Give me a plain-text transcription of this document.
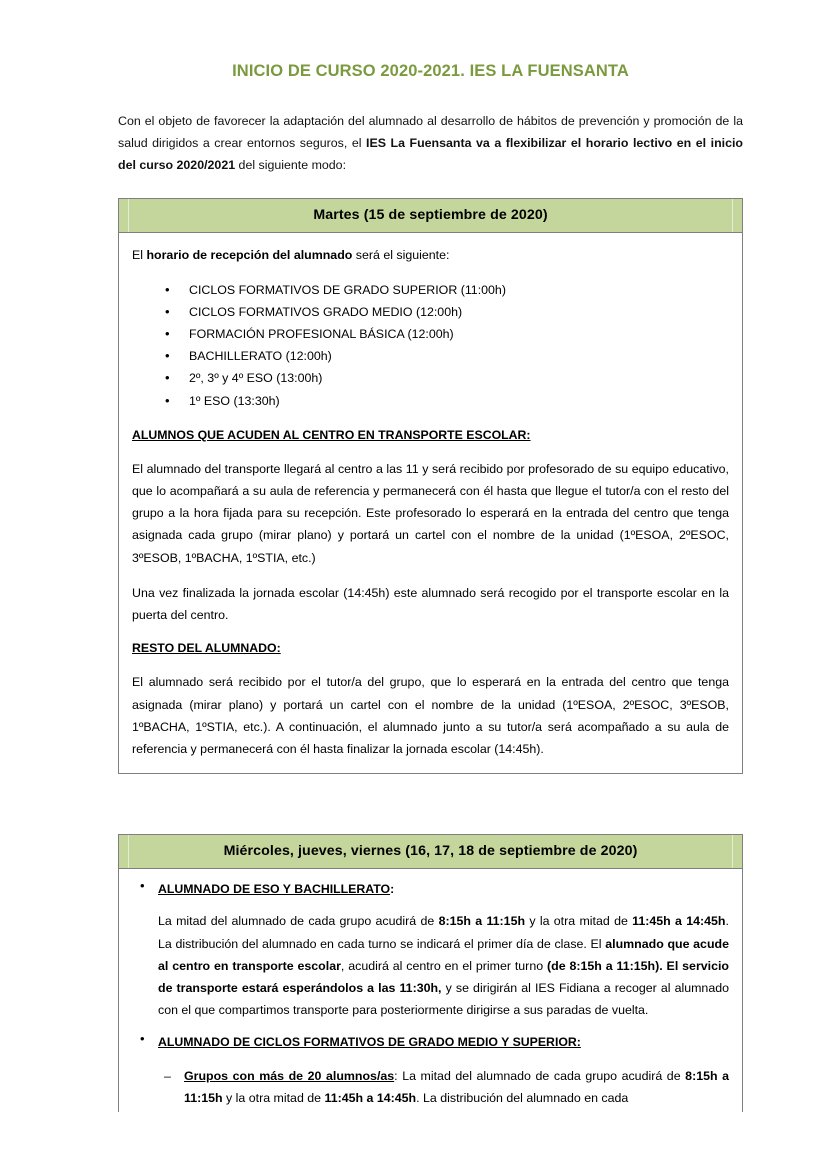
INICIO DE CURSO 2020-2021. IES LA FUENSANTA

Con el objeto de favorecer la adaptación del alumnado al desarrollo de hábitos de prevención y promoción de la salud dirigidos a crear entornos seguros, el IES La Fuensanta va a flexibilizar el horario lectivo en el inicio del curso 2020/2021 del siguiente modo:

Martes (15 de septiembre de 2020)

El horario de recepción del alumnado será el siguiente:

• CICLOS FORMATIVOS DE GRADO SUPERIOR (11:00h)
• CICLOS FORMATIVOS GRADO MEDIO (12:00h)
• FORMACIÓN PROFESIONAL BÁSICA (12:00h)
• BACHILLERATO (12:00h)
• 2º, 3º y 4º ESO (13:00h)
• 1º ESO (13:30h)

ALUMNOS QUE ACUDEN AL CENTRO EN TRANSPORTE ESCOLAR:

El alumnado del transporte llegará al centro a las 11 y será recibido por profesorado de su equipo educativo, que lo acompañará a su aula de referencia y permanecerá con él hasta que llegue el tutor/a con el resto del grupo a la hora fijada para su recepción. Este profesorado lo esperará en la entrada del centro que tenga asignada cada grupo (mirar plano) y portará un cartel con el nombre de la unidad (1ºESOA, 2ºESOC, 3ºESOB, 1ºBACHA, 1ºSTIA, etc.)

Una vez finalizada la jornada escolar (14:45h) este alumnado será recogido por el transporte escolar en la puerta del centro.

RESTO DEL ALUMNADO:

El alumnado será recibido por el tutor/a del grupo, que lo esperará en la entrada del centro que tenga asignada (mirar plano) y portará un cartel con el nombre de la unidad (1ºESOA, 2ºESOC, 3ºESOB, 1ºBACHA, 1ºSTIA, etc.). A continuación, el alumnado junto a su tutor/a será acompañado a su aula de referencia y permanecerá con él hasta finalizar la jornada escolar (14:45h).

Miércoles, jueves, viernes (16, 17, 18 de septiembre de 2020)

• ALUMNADO DE ESO Y BACHILLERATO:

La mitad del alumnado de cada grupo acudirá de 8:15h a 11:15h y la otra mitad de 11:45h a 14:45h. La distribución del alumnado en cada turno se indicará el primer día de clase. El alumnado que acude al centro en transporte escolar, acudirá al centro en el primer turno (de 8:15h a 11:15h). El servicio de transporte estará esperándolos a las 11:30h, y se dirigirán al IES Fidiana a recoger al alumnado con el que compartimos transporte para posteriormente dirigirse a sus paradas de vuelta.

• ALUMNADO DE CICLOS FORMATIVOS DE GRADO MEDIO Y SUPERIOR:

– Grupos con más de 20 alumnos/as: La mitad del alumnado de cada grupo acudirá de 8:15h a 11:15h y la otra mitad de 11:45h a 14:45h. La distribución del alumnado en cada
